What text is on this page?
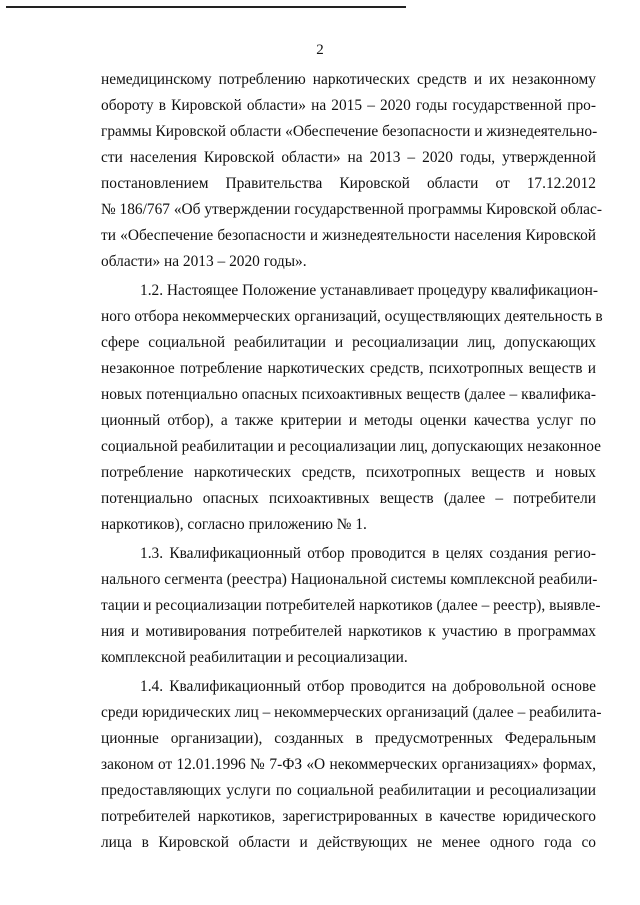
2
немедицинскому потреблению наркотических средств и их незаконному
обороту в Кировской области» на 2015 – 2020 годы государственной про-
граммы Кировской области «Обеспечение безопасности и жизнедеятельно-
сти населения Кировской области» на 2013 – 2020 годы, утвержденной
постановлением Правительства Кировской области от 17.12.2012
№ 186/767 «Об утверждении государственной программы Кировской облас-
ти «Обеспечение безопасности и жизнедеятельности населения Кировской
области» на 2013 – 2020 годы».
1.2. Настоящее Положение устанавливает процедуру квалификацион-
ного отбора некоммерческих организаций, осуществляющих деятельность в
сфере социальной реабилитации и ресоциализации лиц, допускающих
незаконное потребление наркотических средств, психотропных веществ и
новых потенциально опасных психоактивных веществ (далее – квалифика-
ционный отбор), а также критерии и методы оценки качества услуг по
социальной реабилитации и ресоциализации лиц, допускающих незаконное
потребление наркотических средств, психотропных веществ и новых
потенциально опасных психоактивных веществ (далее – потребители
наркотиков), согласно приложению № 1.
1.3. Квалификационный отбор проводится в целях создания регио-
нального сегмента (реестра) Национальной системы комплексной реабили-
тации и ресоциализации потребителей наркотиков (далее – реестр), выявле-
ния и мотивирования потребителей наркотиков к участию в программах
комплексной реабилитации и ресоциализации.
1.4. Квалификационный отбор проводится на добровольной основе
среди юридических лиц – некоммерческих организаций (далее – реабилита-
ционные организации), созданных в предусмотренных Федеральным
законом от 12.01.1996 № 7-ФЗ «О некоммерческих организациях» формах,
предоставляющих услуги по социальной реабилитации и ресоциализации
потребителей наркотиков, зарегистрированных в качестве юридического
лица в Кировской области и действующих не менее одного года со
